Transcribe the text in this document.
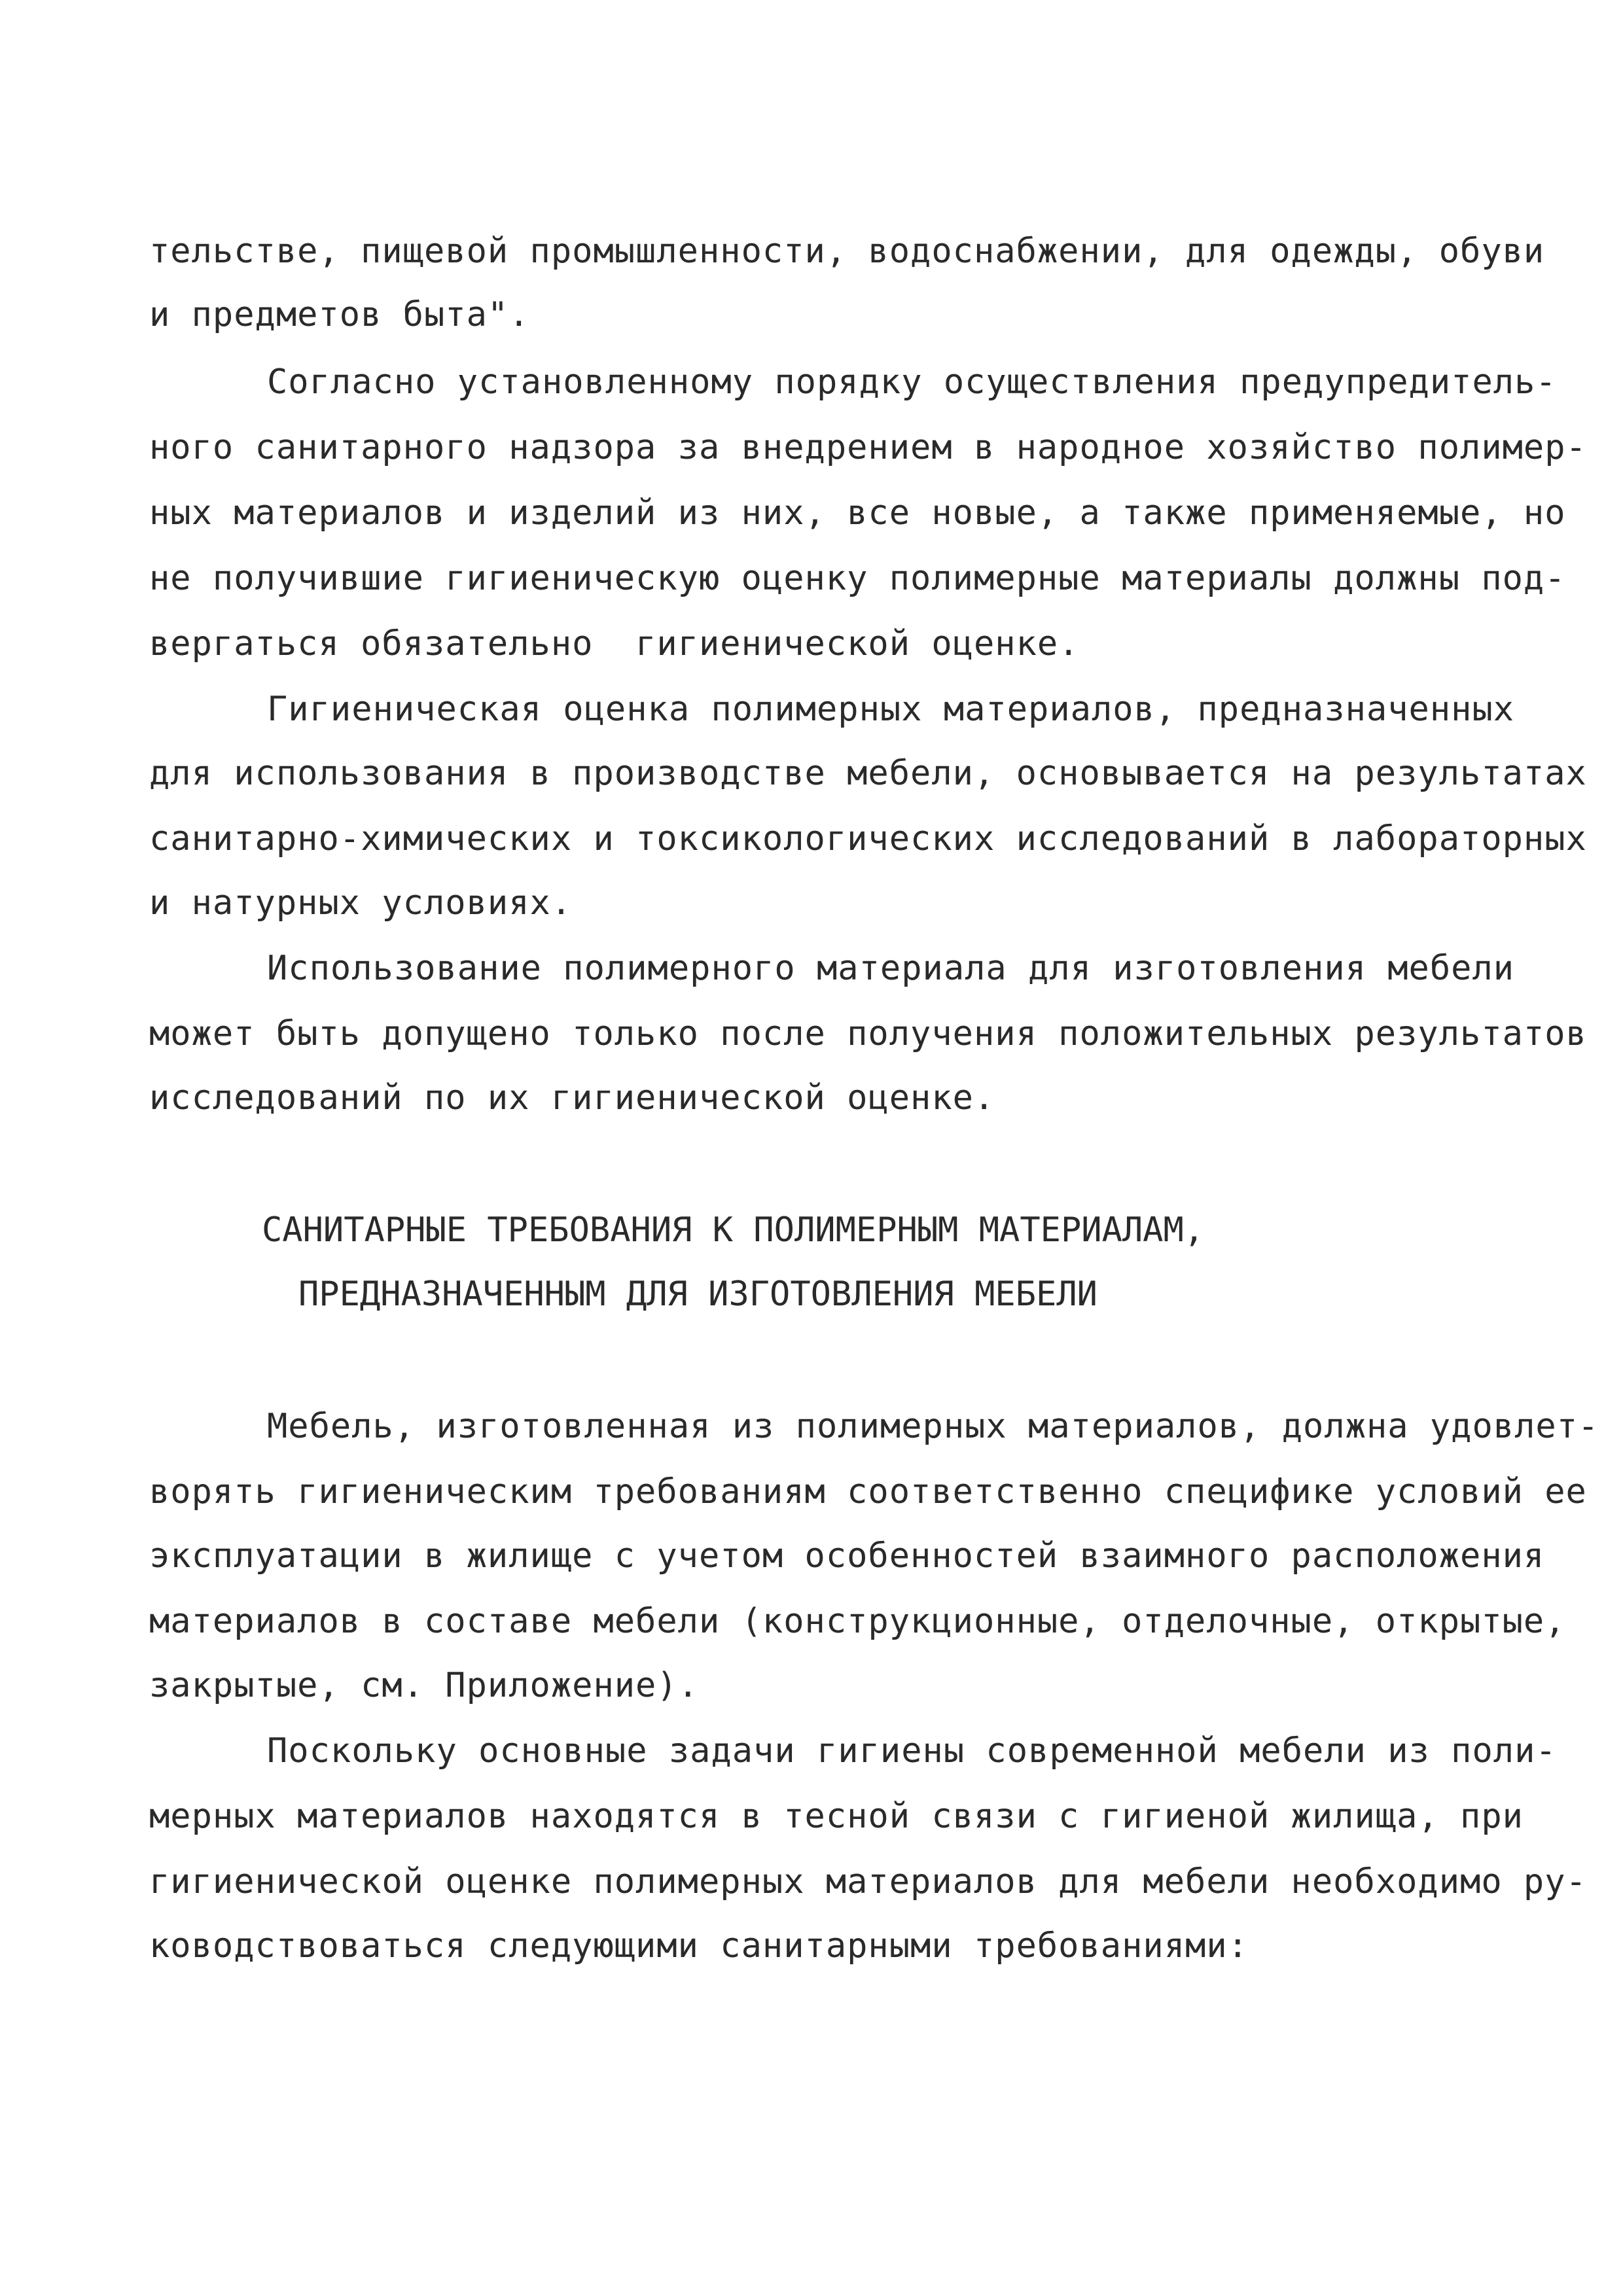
тельстве, пищевой промышленности, водоснабжении, для одежды, обуви
и предметов быта".
Согласно установленному порядку осуществления предупредитель-
ного санитарного надзора за внедрением в народное хозяйство полимер-
ных материалов и изделий из них, все новые, а также применяемые, но
не получившие гигиеническую оценку полимерные материалы должны под-
вергаться обязательно  гигиенической оценке.
Гигиеническая оценка полимерных материалов, предназначенных
для использования в производстве мебели, основывается на результатах
санитарно-химических и токсикологических исследований в лабораторных
и натурных условиях.
Использование полимерного материала для изготовления мебели
может быть допущено только после получения положительных результатов
исследований по их гигиенической оценке.
САНИТАРНЫЕ ТРЕБОВАНИЯ К ПОЛИМЕРНЫМ МАТЕРИАЛАМ,
ПРЕДНАЗНАЧЕННЫМ ДЛЯ ИЗГОТОВЛЕНИЯ МЕБЕЛИ
Мебель, изготовленная из полимерных материалов, должна удовлет-
ворять гигиеническим требованиям соответственно специфике условий ее
эксплуатации в жилище с учетом особенностей взаимного расположения
материалов в составе мебели (конструкционные, отделочные, открытые,
закрытые, см. Приложение).
Поскольку основные задачи гигиены современной мебели из поли-
мерных материалов находятся в тесной связи с гигиеной жилища, при
гигиенической оценке полимерных материалов для мебели необходимо ру-
ководствоваться следующими санитарными требованиями:
